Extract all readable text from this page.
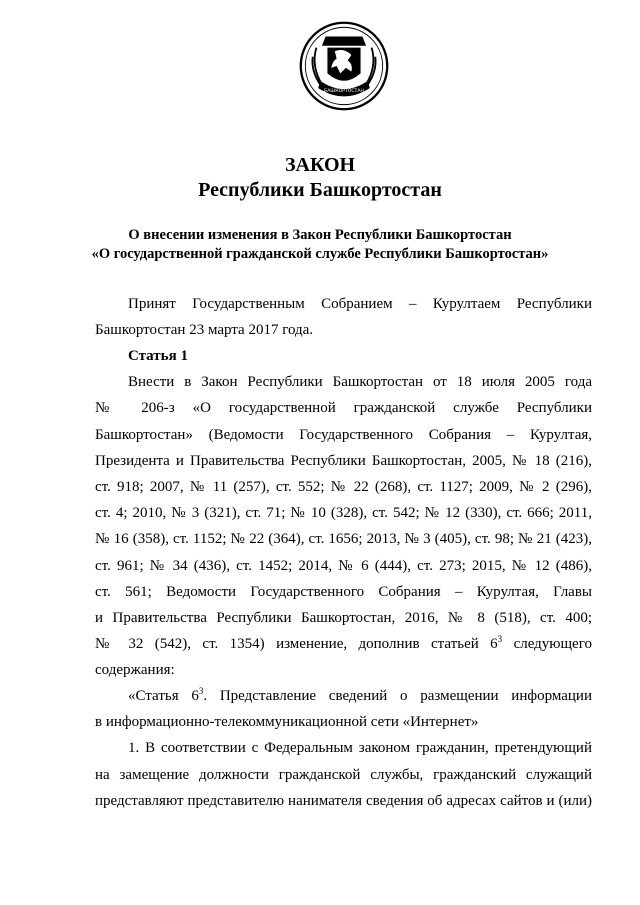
БАШКОРТОСТАН
ЗАКОН
Республики Башкортостан
О внесении изменения в Закон Республики Башкортостан
«О государственной гражданской службе Республики Башкортостан»
Принят Государственным Собранием – Курултаем Республики
Башкортостан 23 марта 2017 года.
Статья 1
Внести в Закон Республики Башкортостан от 18 июля 2005 года
№ 206-з «О государственной гражданской службе Республики
Башкортостан» (Ведомости Государственного Собрания – Курултая,
Президента и Правительства Республики Башкортостан, 2005, № 18 (216),
ст. 918; 2007, № 11 (257), ст. 552; № 22 (268), ст. 1127; 2009, № 2 (296),
ст. 4; 2010, № 3 (321), ст. 71; № 10 (328), ст. 542; № 12 (330), ст. 666; 2011,
№ 16 (358), ст. 1152; № 22 (364), ст. 1656; 2013, № 3 (405), ст. 98; № 21 (423),
ст. 961; № 34 (436), ст. 1452; 2014, № 6 (444), ст. 273; 2015, № 12 (486),
ст. 561; Ведомости Государственного Собрания – Курултая, Главы
и Правительства Республики Башкортостан, 2016, № 8 (518), ст. 400;
№ 32 (542), ст. 1354) изменение, дополнив статьей $6^3$ следующего
содержания:
«Статья $6^3$. Представление сведений о размещении информации
в информационно-телекоммуникационной сети «Интернет»
1. В соответствии с Федеральным законом гражданин, претендующий
на замещение должности гражданской службы, гражданский служащий
представляют представителю нанимателя сведения об адресах сайтов и (или)
